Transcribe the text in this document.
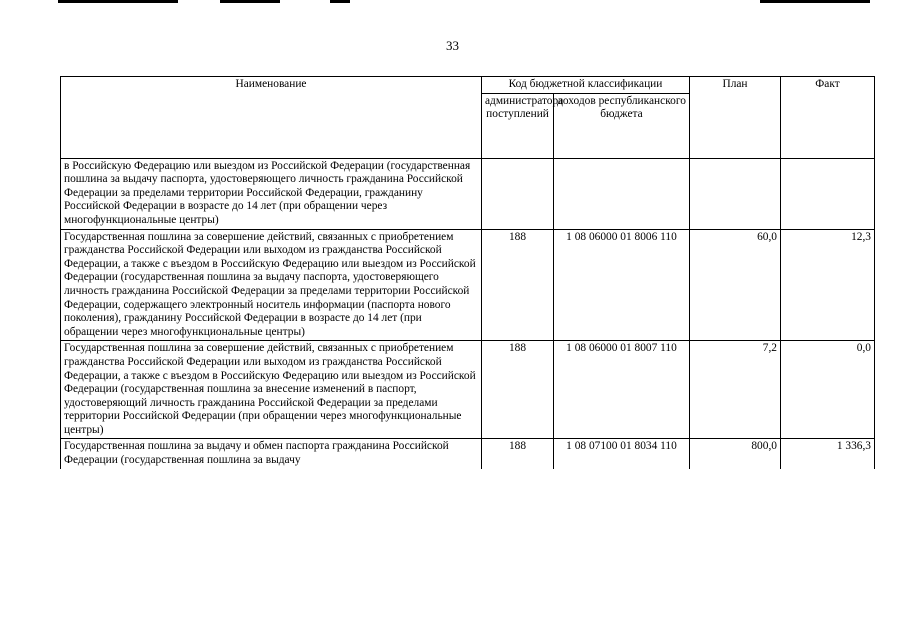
33
Наименование	Код бюджетной классификации		План	Факт
	администратора поступлений	доходов республиканского бюджета		
в Российскую Федерацию или выездом из Российской Федерации (государственная пошлина за выдачу паспорта, удостоверяющего личность гражданина Российской Федерации за пределами территории Российской Федерации, гражданину Российской Федерации в возрасте до 14 лет (при обращении через многофункциональные центры)				
Государственная пошлина за совершение действий, связанных с приобретением гражданства Российской Федерации или выходом из гражданства Российской Федерации, а также с въездом в Российскую Федерацию или выездом из Российской Федерации (государственная пошлина за выдачу паспорта, удостоверяющего личность гражданина Российской Федерации за пределами территории Российской Федерации, содержащего электронный носитель информации (паспорта нового поколения), гражданину Российской Федерации в возрасте до 14 лет (при обращении через многофункциональные центры)	188	1 08 06000 01 8006 110	60,0	12,3
Государственная пошлина за совершение действий, связанных с приобретением гражданства Российской Федерации или выходом из гражданства Российской Федерации, а также с въездом в Российскую Федерацию или выездом из Российской Федерации (государственная пошлина за внесение изменений в паспорт, удостоверяющий личность гражданина Российской Федерации за пределами территории Российской Федерации (при обращении через многофункциональные центры)	188	1 08 06000 01 8007 110	7,2	0,0
Государственная пошлина за выдачу и обмен паспорта гражданина Российской Федерации (государственная пошлина за выдачу	188	1 08 07100 01 8034 110	800,0	1 336,3
